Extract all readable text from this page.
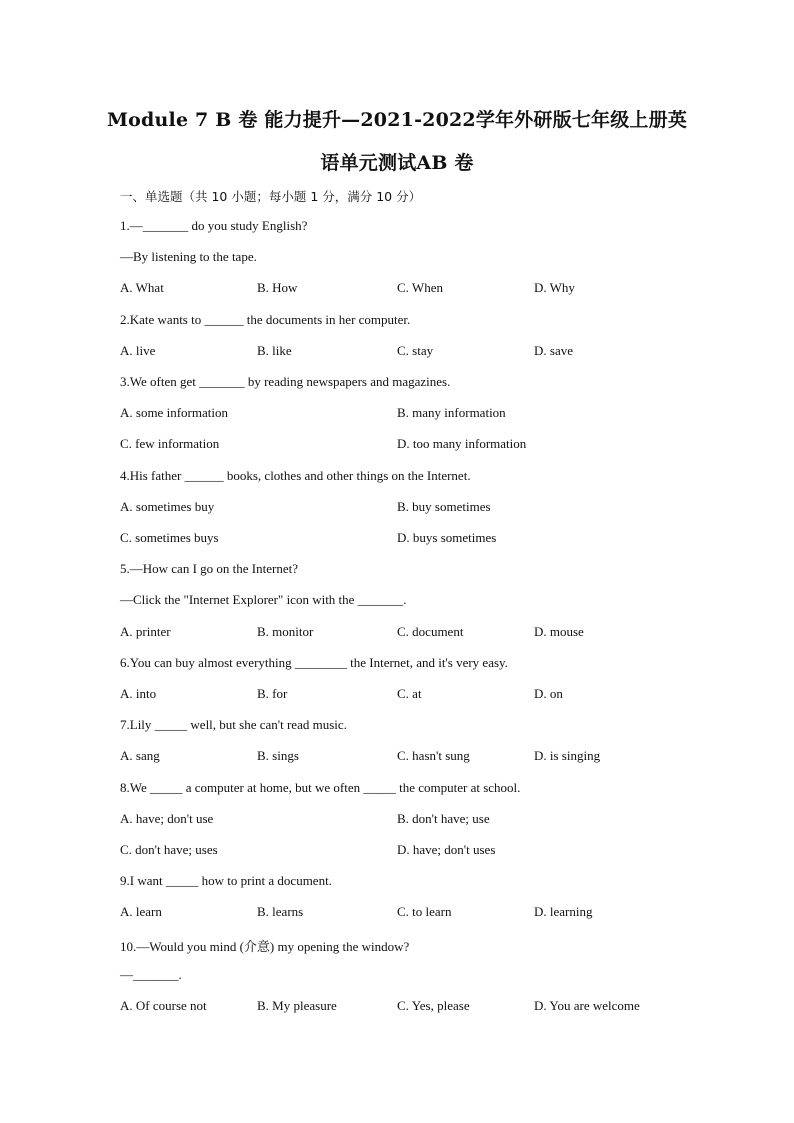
Module 7 B 卷 能力提升—2021-2022学年外研版七年级上册英
语单元测试AB 卷
一、单选题（共 10 小题；每小题 1 分，满分 10 分）
1.—_______ do you study English?
—By listening to the tape.
A. What	B. How	C. When	D. Why
2.Kate wants to ______ the documents in her computer.
A. live	B. like	C. stay	D. save
3.We often get _______ by reading newspapers and magazines.
A. some information	B. many information
C. few information	D. too many information
4.His father ______ books, clothes and other things on the Internet.
A. sometimes buy	B. buy sometimes
C. sometimes buys	D. buys sometimes
5.—How can I go on the Internet?
—Click the "Internet Explorer" icon with the _______.
A. printer	B. monitor	C. document	D. mouse
6.You can buy almost everything ________ the Internet, and it's very easy.
A. into	B. for	C. at	D. on
7.Lily _____ well, but she can't read music.
A. sang	B. sings	C. hasn't sung	D. is singing
8.We _____ a computer at home, but we often _____ the computer at school.
A. have; don't use	B. don't have; use
C. don't have; uses	D. have; don't uses
9.I want _____ how to print a document.
A. learn	B. learns	C. to learn	D. learning
10.—Would you mind (介意) my opening the window?
—_______.
A. Of course not	B. My pleasure	C. Yes, please	D. You are welcome
